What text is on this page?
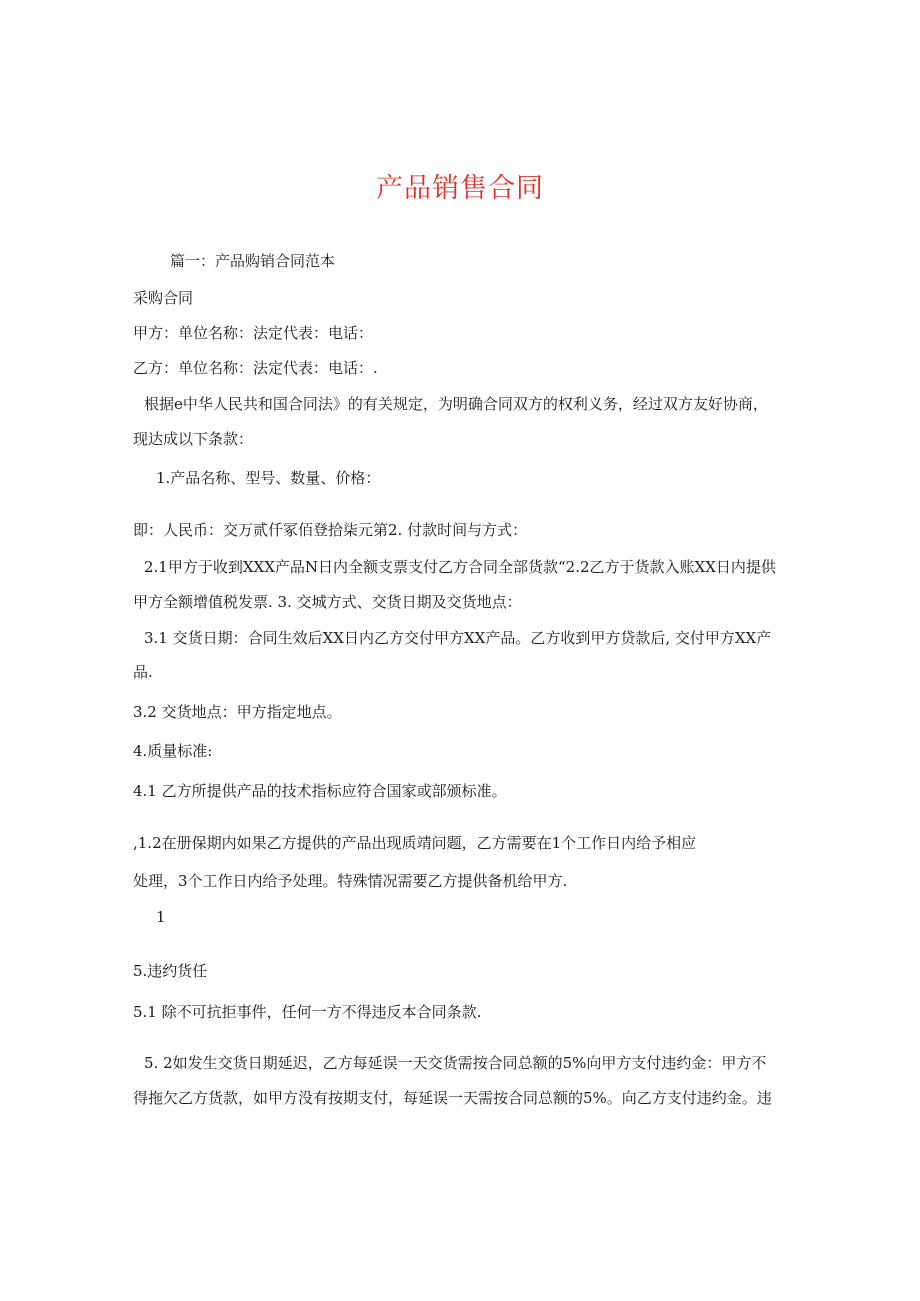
产品销售合同
篇一：产品购销合同范本
采购合同
甲方：单位名称：法定代表：电话：
乙方：单位名称：法定代表：电话：.
根据e中华人民共和国合同法》的有关规定，为明确合同双方的权利义务，经过双方友好协商，
现达成以下条款：
1.产品名称、型号、数量、价格：
即：人民币：交万贰仟冢佰登拾柒元第2. 付款时间与方式：
2.1甲方于收到XXX产品N日内全额支票支付乙方合同全部货款“2.2乙方于货款入账XX日内提供
甲方全额增值税发票. 3. 交城方式、交货日期及交货地点：
3.1 交货日期：合同生效后XX日内乙方交付甲方XX产品。乙方收到甲方贷款后, 交付甲方XX产
品.
3.2 交货地点：甲方指定地点。
4.质量标准:
4.1 乙方所提供产品的技术指标应符合国家或部颁标准。
,1.2在册保期内如果乙方提供的产品出现质靖问题，乙方需要在1个工作日内给予相应
处理，3个工作日内给予处理。特殊情况需要乙方提供备机给甲方.
1
5.违约货任
5.1 除不可抗拒事件，任何一方不得违反本合同条款.
5. 2如发生交货日期延迟，乙方每延误一天交货需按合同总额的5%向甲方支付违约金：甲方不
得拖欠乙方货款，如甲方没有按期支付，每延误一天需按合同总额的5%。向乙方支付违约金。违
